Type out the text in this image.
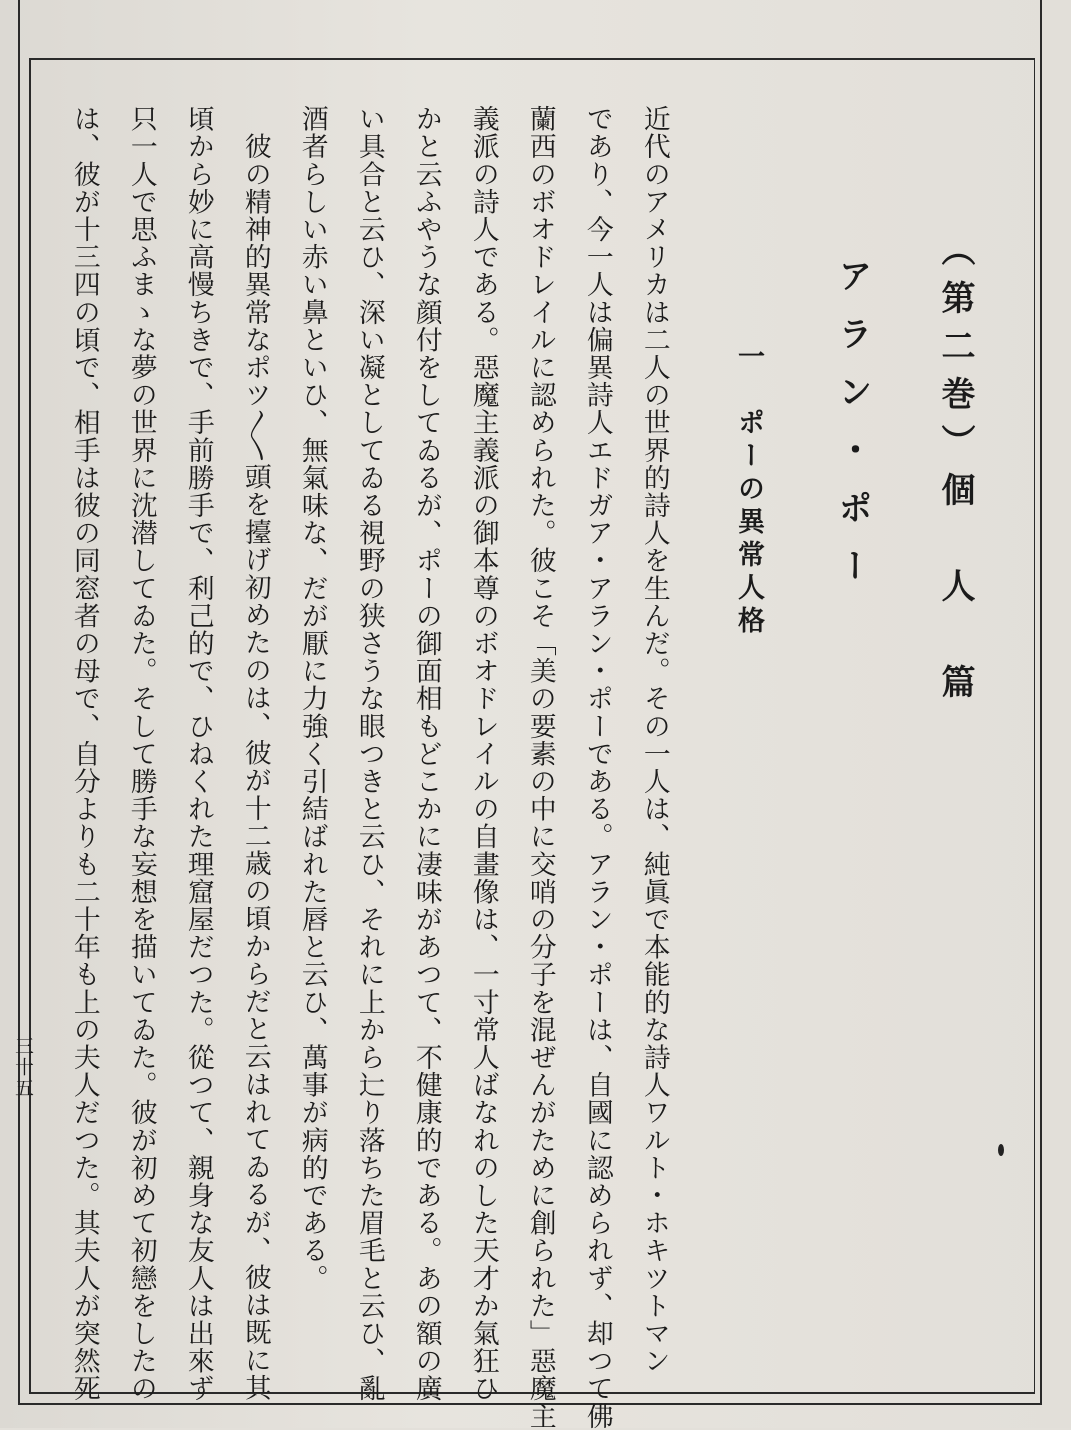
（第二巻）個　人　篇
アラン・ポー
一　ポーの異常人格
近代のアメリカは二人の世界的詩人を生んだ。その一人は、純眞で本能的な詩人ワルト・ホキツトマン
であり、今一人は偏異詩人エドガア・アラン・ポーである。アラン・ポーは、自國に認められず、却つて佛
蘭西のボオドレイルに認められた。彼こそ「美の要素の中に交哨の分子を混ぜんがために創られた」惡魔主
義派の詩人である。惡魔主義派の御本尊のボオドレイルの自畫像は、一寸常人ばなれのした天才か氣狂ひ
かと云ふやうな顔付をしてゐるが、ポーの御面相もどこかに凄味があつて、不健康的である。あの額の廣
い具合と云ひ、深い凝としてゐる視野の狭さうな眼つきと云ひ、それに上から辷り落ちた眉毛と云ひ、亂
酒者らしい赤い鼻といひ、無氣味な、だが厭に力強く引結ばれた唇と云ひ、萬事が病的である。
　彼の精神的異常なポツ〳〵頭を擡げ初めたのは、彼が十二歳の頃からだと云はれてゐるが、彼は既に其
頃から妙に高慢ちきで、手前勝手で、利己的で、ひねくれた理窟屋だつた。從つて、親身な友人は出來ず
只一人で思ふまゝな夢の世界に沈潜してゐた。そして勝手な妄想を描いてゐた。彼が初めて初戀をしたの
は、彼が十三四の頃で、相手は彼の同窓者の母で、自分よりも二十年も上の夫人だつた。其夫人が突然死
三十五
